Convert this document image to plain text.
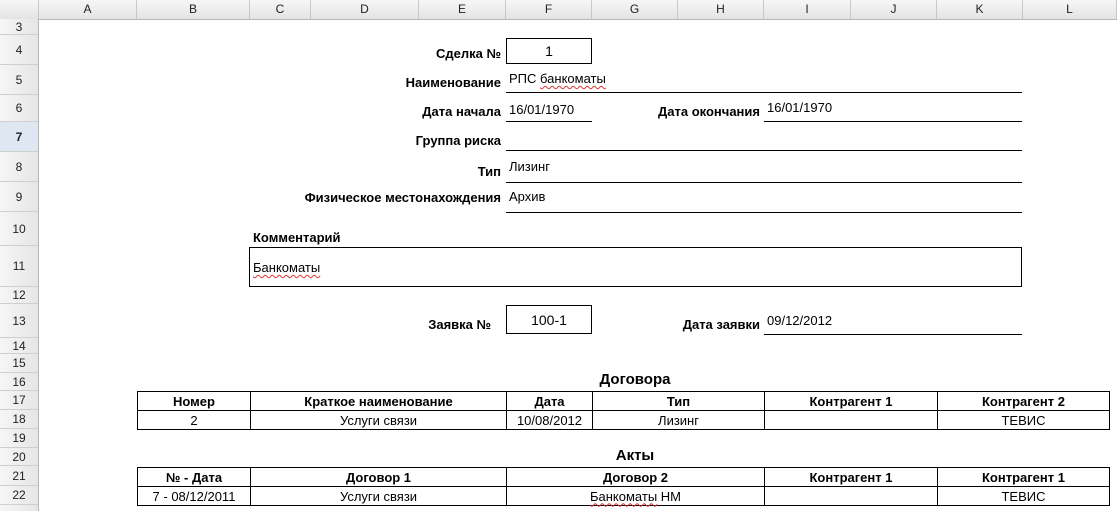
A	B	C	D	E	F	G	H	I	J	K	L
3
4
5
6
7
8
9
10
11
12
13
14
15
16
17
18
19
20
21
22
Сделка №	1
Наименование РПС банкоматы
Дата начала 16/01/1970	Дата окончания 16/01/1970
Группа риска
Тип Лизинг
Физическое местонахождения Архив
Комментарий
Банкоматы
Заявка №	100-1	Дата заявки 09/12/2012
Договора
Номер	Краткое наименование	Дата	Тип	Контрагент 1	Контрагент 2
2	Услуги связи	10/08/2012	Лизинг		ТЕВИС
Акты
№ - Дата	Договор 1	Договор 2	Контрагент 1	Контрагент 1
7 - 08/12/2011	Услуги связи	Банкоматы НМ		ТЕВИС
